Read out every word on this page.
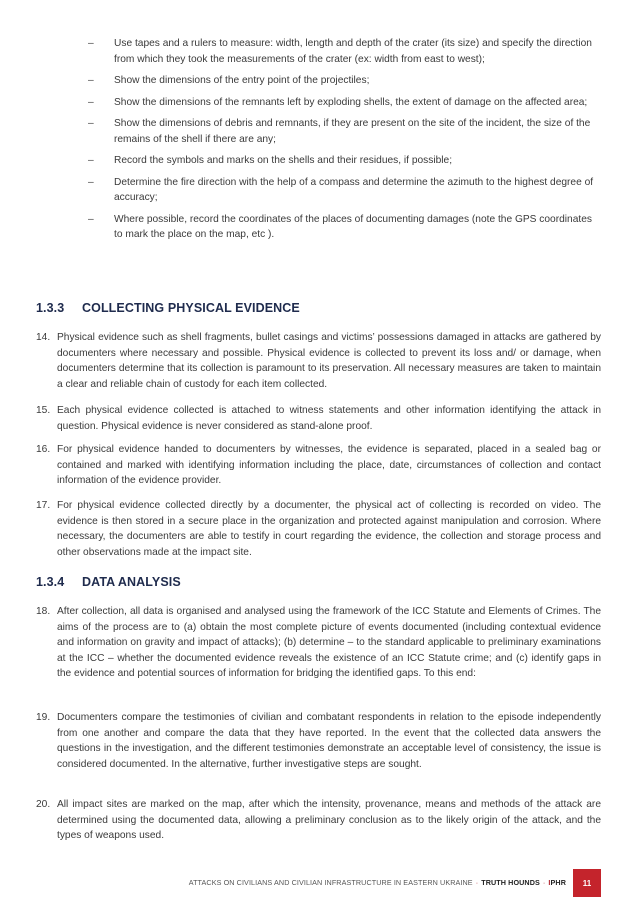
–	Use tapes and a rulers to measure: width, length and depth of the crater (its size) and specify the direction from which they took the measurements of the crater (ex: width from east to west);
–	Show the dimensions of the entry point of the projectiles;
–	Show the dimensions of the remnants left by exploding shells, the extent of damage on the affected area;
–	Show the dimensions of debris and remnants, if they are present on the site of the incident, the size of the remains of the shell if there are any;
–	Record the symbols and marks on the shells and their residues, if possible;
–	Determine the fire direction with the help of a compass and determine the azimuth to the highest degree of accuracy;
–	Where possible, record the coordinates of the places of documenting damages (note the GPS coordinates to mark the place on the map, etc ).
1.3.3 COLLECTING PHYSICAL EVIDENCE
14. Physical evidence such as shell fragments, bullet casings and victims’ possessions damaged in attacks are gathered by documenters where necessary and possible. Physical evidence is collected to prevent its loss and/ or damage, when documenters determine that its collection is paramount to its preservation. All necessary measures are taken to maintain a clear and reliable chain of custody for each item collected.
15. Each physical evidence collected is attached to witness statements and other information identifying the attack in question. Physical evidence is never considered as stand-alone proof.
16. For physical evidence handed to documenters by witnesses, the evidence is separated, placed in a sealed bag or contained and marked with identifying information including the place, date, circumstances of collection and contact information of the evidence provider.
17. For physical evidence collected directly by a documenter, the physical act of collecting is recorded on video. The evidence is then stored in a secure place in the organization and protected against manipulation and corrosion. Where necessary, the documenters are able to testify in court regarding the evidence, the collection and storage process and other observations made at the impact site.
1.3.4 DATA ANALYSIS
18. After collection, all data is organised and analysed using the framework of the ICC Statute and Elements of Crimes. The aims of the process are to (a) obtain the most complete picture of events documented (including contextual evidence and information on gravity and impact of attacks); (b) determine – to the standard applicable to preliminary examinations at the ICC – whether the documented evidence reveals the existence of an ICC Statute crime; and (c) identify gaps in the evidence and potential sources of information for bridging the identified gaps. To this end:
19. Documenters compare the testimonies of civilian and combatant respondents in relation to the episode independently from one another and compare the data that they have reported. In the event that the collected data answers the questions in the investigation, and the different testimonies demonstrate an acceptable level of consistency, the issue is considered documented. In the alternative, further investigative steps are sought.
20. All impact sites are marked on the map, after which the intensity, provenance, means and methods of the attack are determined using the documented data, allowing a preliminary conclusion as to the likely origin of the attack, and the types of weapons used.
ATTACKS ON CIVILIANS AND CIVILIAN INFRASTRUCTURE IN EASTERN UKRAINE · TRUTH HOUNDS · IPHR	11
